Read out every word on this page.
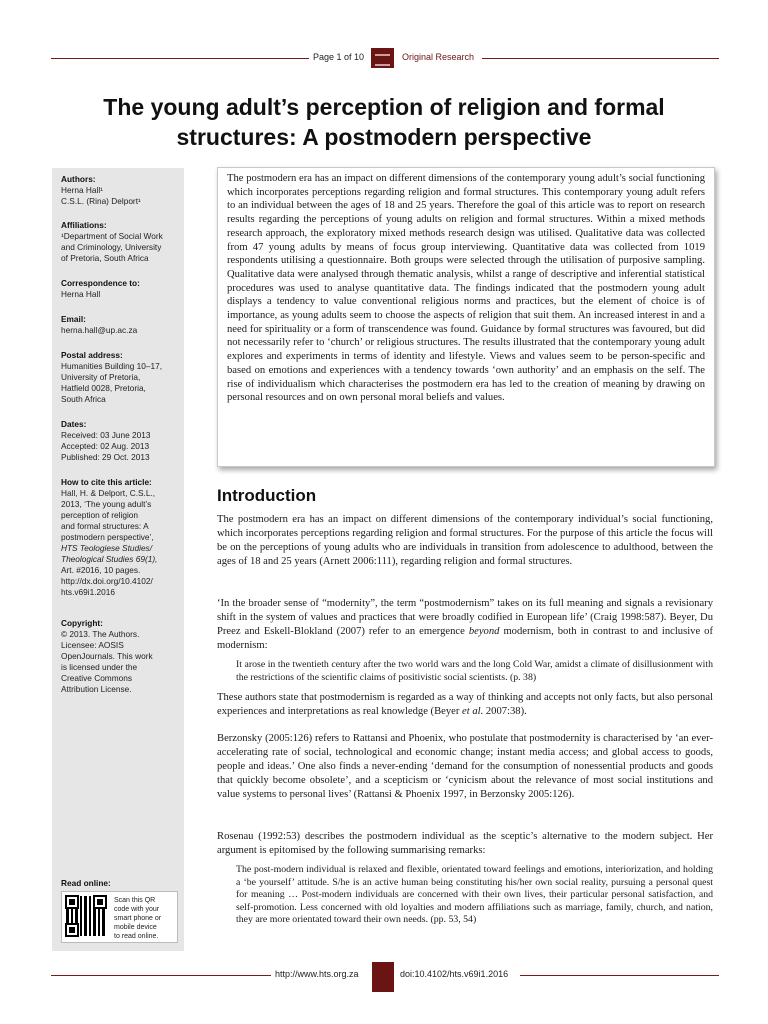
Page 1 of 10	Original Research
The young adult’s perception of religion and formal structures: A postmodern perspective
Authors:
Herna Hall¹
C.S.L. (Rina) Delport¹
Affiliations:
¹Department of Social Work
and Criminology, University
of Pretoria, South Africa
Correspondence to:
Herna Hall
Email:
herna.hall@up.ac.za
Postal address:
Humanities Building 10–17,
University of Pretoria,
Hatfield 0028, Pretoria,
South Africa
Dates:
Received: 03 June 2013
Accepted: 02 Aug. 2013
Published: 29 Oct. 2013
How to cite this article:
Hall, H. & Delport, C.S.L.,
2013, ‘The young adult’s
perception of religion
and formal structures: A
postmodern perspective’,
HTS Teologiese Studies/
Theological Studies 69(1),
Art. #2016, 10 pages.
http://dx.doi.org/10.4102/
hts.v69i1.2016
Copyright:
© 2013. The Authors.
Licensee: AOSIS
OpenJournals. This work
is licensed under the
Creative Commons
Attribution License.
Read online:
Scan this QR
code with your
smart phone or
mobile device
to read online.

The postmodern era has an impact on different dimensions of the contemporary young adult’s social functioning which incorporates perceptions regarding religion and formal structures. This contemporary young adult refers to an individual between the ages of 18 and 25 years. Therefore the goal of this article was to report on research results regarding the perceptions of young adults on religion and formal structures. Within a mixed methods research approach, the exploratory mixed methods research design was utilised. Qualitative data was collected from 47 young adults by means of focus group interviewing. Quantitative data was collected from 1019 respondents utilising a questionnaire. Both groups were selected through the utilisation of purposive sampling. Qualitative data were analysed through thematic analysis, whilst a range of descriptive and inferential statistical procedures was used to analyse quantitative data. The findings indicated that the postmodern young adult displays a tendency to value conventional religious norms and practices, but the element of choice is of importance, as young adults seem to choose the aspects of religion that suit them. An increased interest in and a need for spirituality or a form of transcendence was found. Guidance by formal structures was favoured, but did not necessarily refer to ‘church’ or religious structures. The results illustrated that the contemporary young adult explores and experiments in terms of identity and lifestyle. Views and values seem to be person-specific and based on emotions and experiences with a tendency towards ‘own authority’ and an emphasis on the self. The rise of individualism which characterises the postmodern era has led to the creation of meaning by drawing on personal resources and on own personal moral beliefs and values.

Introduction

The postmodern era has an impact on different dimensions of the contemporary individual’s social functioning, which incorporates perceptions regarding religion and formal structures. For the purpose of this article the focus will be on the perceptions of young adults who are individuals in transition from adolescence to adulthood, between the ages of 18 and 25 years (Arnett 2006:111), regarding religion and formal structures.

‘In the broader sense of “modernity”, the term “postmodernism” takes on its full meaning and signals a revisionary shift in the system of values and practices that were broadly codified in European life’ (Craig 1998:587). Beyer, Du Preez and Eskell-Blokland (2007) refer to an emergence beyond modernism, both in contrast to and inclusive of modernism:

It arose in the twentieth century after the two world wars and the long Cold War, amidst a climate of disillusionment with the restrictions of the scientific claims of positivistic social scientists. (p. 38)

These authors state that postmodernism is regarded as a way of thinking and accepts not only facts, but also personal experiences and interpretations as real knowledge (Beyer et al. 2007:38).

Berzonsky (2005:126) refers to Rattansi and Phoenix, who postulate that postmodernity is characterised by ‘an ever-accelerating rate of social, technological and economic change; instant media access; and global access to goods, people and ideas.’ One also finds a never-ending ‘demand for the consumption of nonessential products and goods that quickly become obsolete’, and a scepticism or ‘cynicism about the relevance of most social institutions and value systems to personal lives’ (Rattansi & Phoenix 1997, in Berzonsky 2005:126).

Rosenau (1992:53) describes the postmodern individual as the sceptic’s alternative to the modern subject. Her argument is epitomised by the following summarising remarks:

The post-modern individual is relaxed and flexible, orientated toward feelings and emotions, interiorization, and holding a ‘be yourself’ attitude. S/he is an active human being constituting his/her own social reality, pursuing a personal quest for meaning … Post-modern individuals are concerned with their own lives, their particular personal satisfaction, and self-promotion. Less concerned with old loyalties and modern affiliations such as marriage, family, church, and nation, they are more orientated toward their own needs. (pp. 53, 54)

http://www.hts.org.za	doi:10.4102/hts.v69i1.2016
